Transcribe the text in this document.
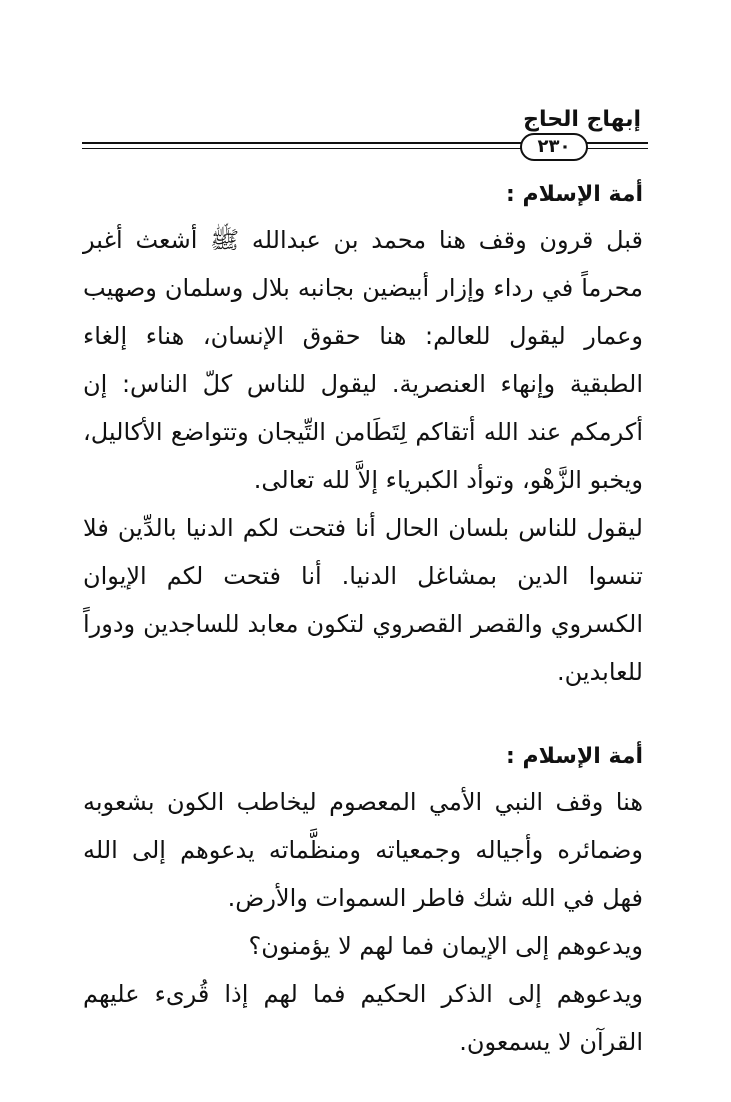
إبهاج الحاج
٢٣٠
أمة الإسلام :

قبل قرون وقف هنا محمد بن عبدالله ﷺ أشعث أغبر محرماً في رداء وإزار أبيضين بجانبه بلال وسلمان وصهيب وعمار ليقول للعالم: هنا حقوق الإنسان، هناء إلغاء الطبقية وإنهاء العنصرية. ليقول للناس كلّ الناس: إن أكرمكم عند الله أتقاكم لِتَطَامن التِّيجان وتتواضع الأكاليل، ويخبو الزَّهْو، وتوأد الكبرياء إلاَّ لله تعالى.

ليقول للناس بلسان الحال أنا فتحت لكم الدنيا بالدِّين فلا تنسوا الدين بمشاغل الدنيا. أنا فتحت لكم الإيوان الكسروي والقصر القصروي لتكون معابد للساجدين ودوراً للعابدين.

أمة الإسلام :

هنا وقف النبي الأمي المعصوم ليخاطب الكون بشعوبه وضمائره وأجياله وجمعياته ومنظَّماته يدعوهم إلى الله فهل في الله شك فاطر السموات والأرض.

ويدعوهم إلى الإيمان فما لهم لا يؤمنون؟

ويدعوهم إلى الذكر الحكيم فما لهم إذا قُرىء عليهم القرآن لا يسمعون.
